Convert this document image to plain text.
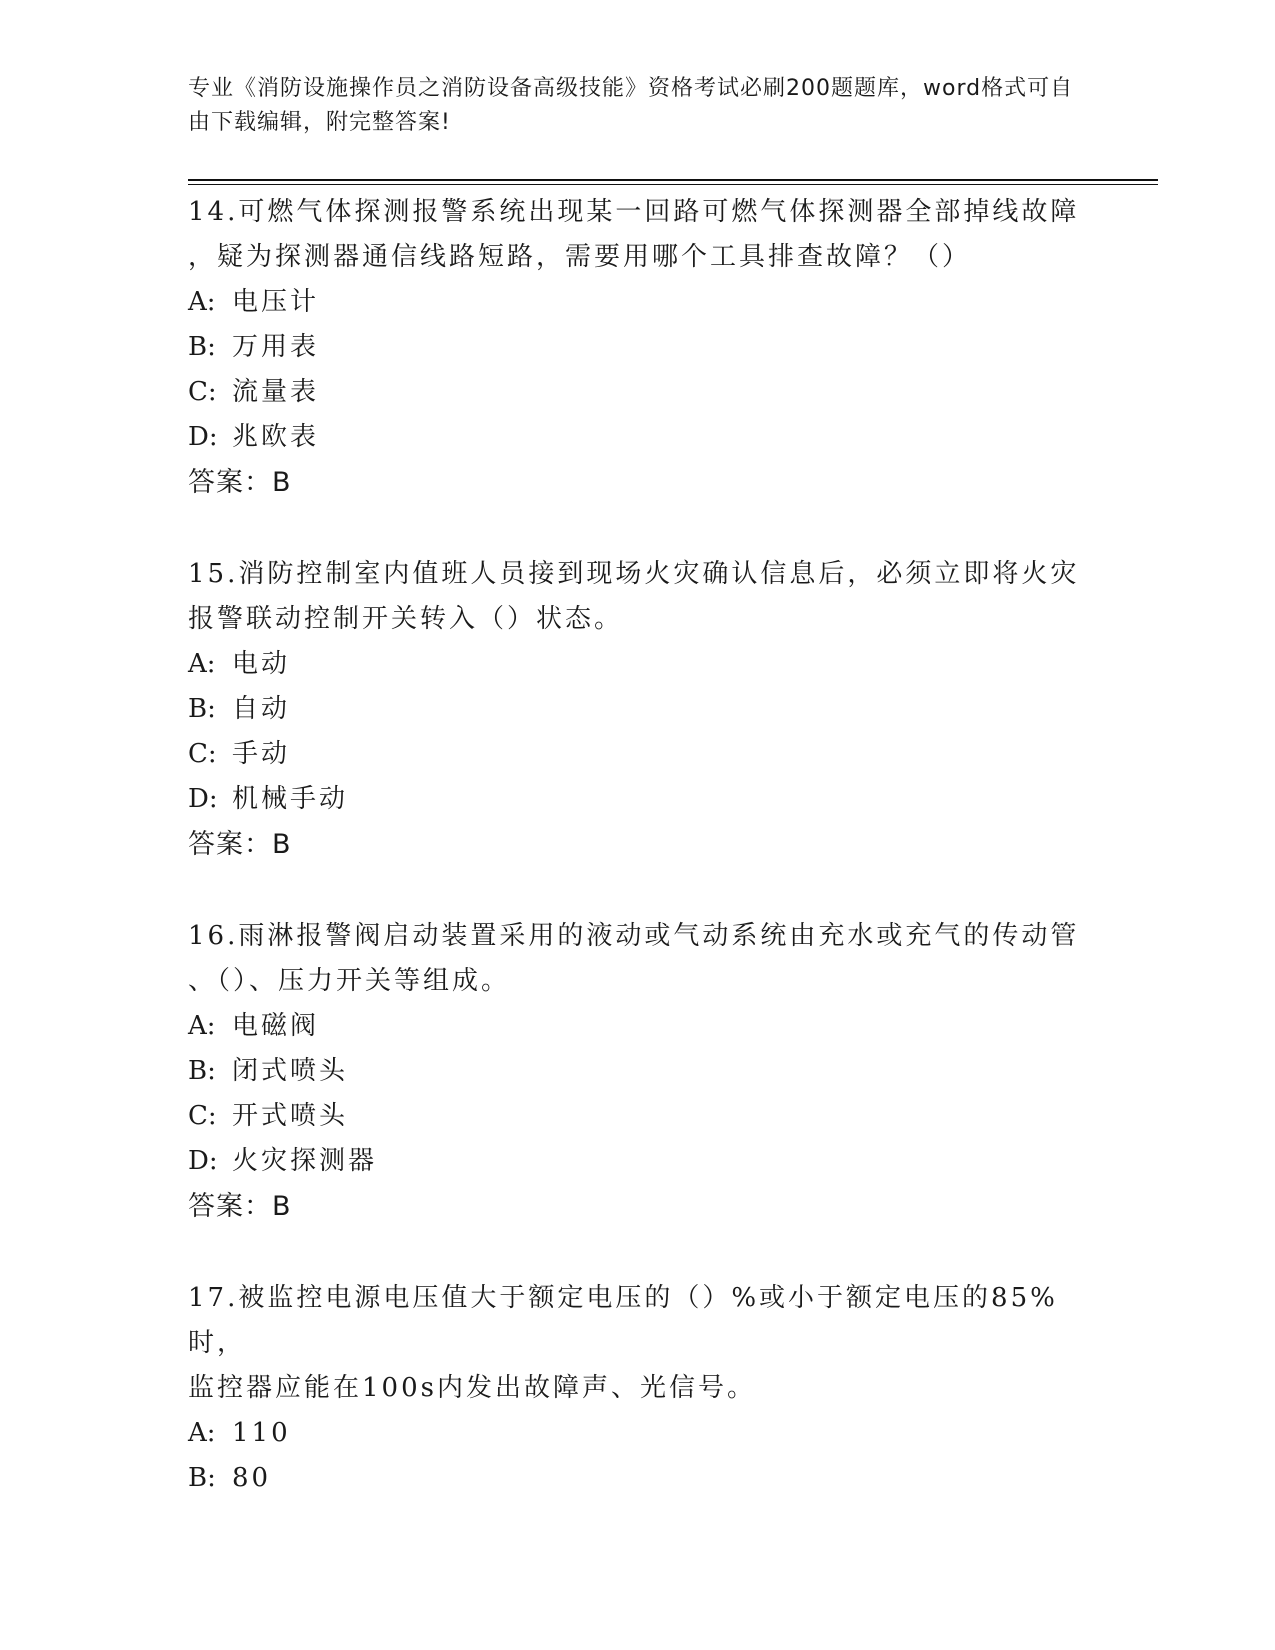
专业《消防设施操作员之消防设备高级技能》资格考试必刷200题题库，word格式可自由下载编辑，附完整答案!
14.可燃气体探测报警系统出现某一回路可燃气体探测器全部掉线故障
，疑为探测器通信线路短路，需要用哪个工具排查故障？（）
A: 电压计
B: 万用表
C: 流量表
D: 兆欧表
答案：B
15.消防控制室内值班人员接到现场火灾确认信息后，必须立即将火灾
报警联动控制开关转入（）状态。
A: 电动
B: 自动
C: 手动
D: 机械手动
答案：B
16.雨淋报警阀启动装置采用的液动或气动系统由充水或充气的传动管
、（）、压力开关等组成。
A: 电磁阀
B: 闭式喷头
C: 开式喷头
D: 火灾探测器
答案：B
17.被监控电源电压值大于额定电压的（）%或小于额定电压的85%时，
监控器应能在100s内发出故障声、光信号。
A: 110
B: 80
